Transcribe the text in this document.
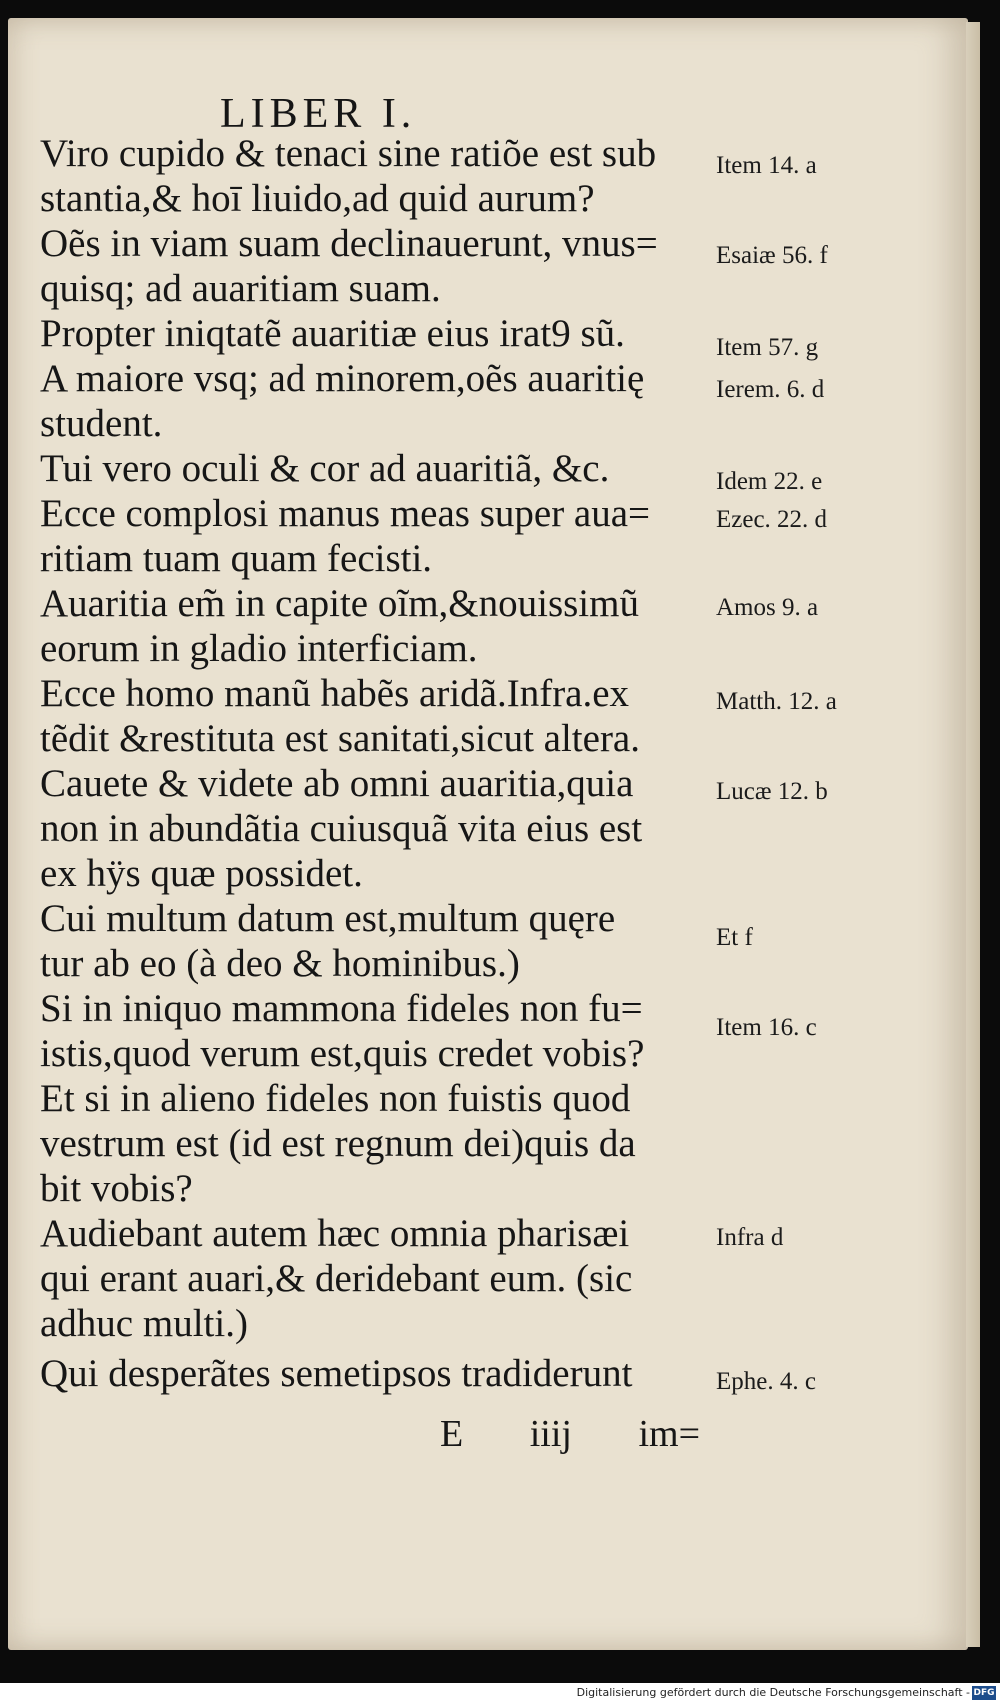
LIBER I.
Viro cupido & tenaci sine ratiõe est sub
stantia,& hoī liuido,ad quid aurum?
Oẽs in viam suam declinauerunt, vnus=
quisq; ad auaritiam suam.
Propter iniqtatẽ auaritiæ eius irat9 sũ.
A maiore vsq; ad minorem,oẽs auaritię
student.
Tui vero oculi & cor ad auaritiã, &c.
Ecce complosi manus meas super aua=
ritiam tuam quam fecisti.
Auaritia em̃ in capite oĩm,&nouissimũ
eorum in gladio interficiam.
Ecce homo manũ habẽs aridã.Infra.ex
tẽdit &restituta est sanitati,sicut altera.
Cauete & videte ab omni auaritia,quia
non in abundãtia cuiusquã vita eius est
ex hÿs quæ possidet.
Cui multum datum est,multum quęre
tur ab eo (à deo & hominibus.)
Si in iniquo mammona fideles non fu=
istis,quod verum est,quis credet vobis?
Et si in alieno fideles non fuistis quod
vestrum est (id est regnum dei)quis da
bit vobis?
Audiebant autem hæc omnia pharisæi
qui erant auari,& deridebant eum. (sic
adhuc multi.)
Qui desperãtes semetipsos tradiderunt
Item 14. a
Esaiæ 56. f
Item 57. g
Ierem. 6. d
Idem 22. e
Ezec. 22. d
Amos 9. a
Matth. 12. a
Lucæ 12. b
Et f
Item 16. c
Infra d
Ephe. 4. c
E iiij im=
Digitalisierung gefördert durch die Deutsche Forschungsgemeinschaft - DFG
